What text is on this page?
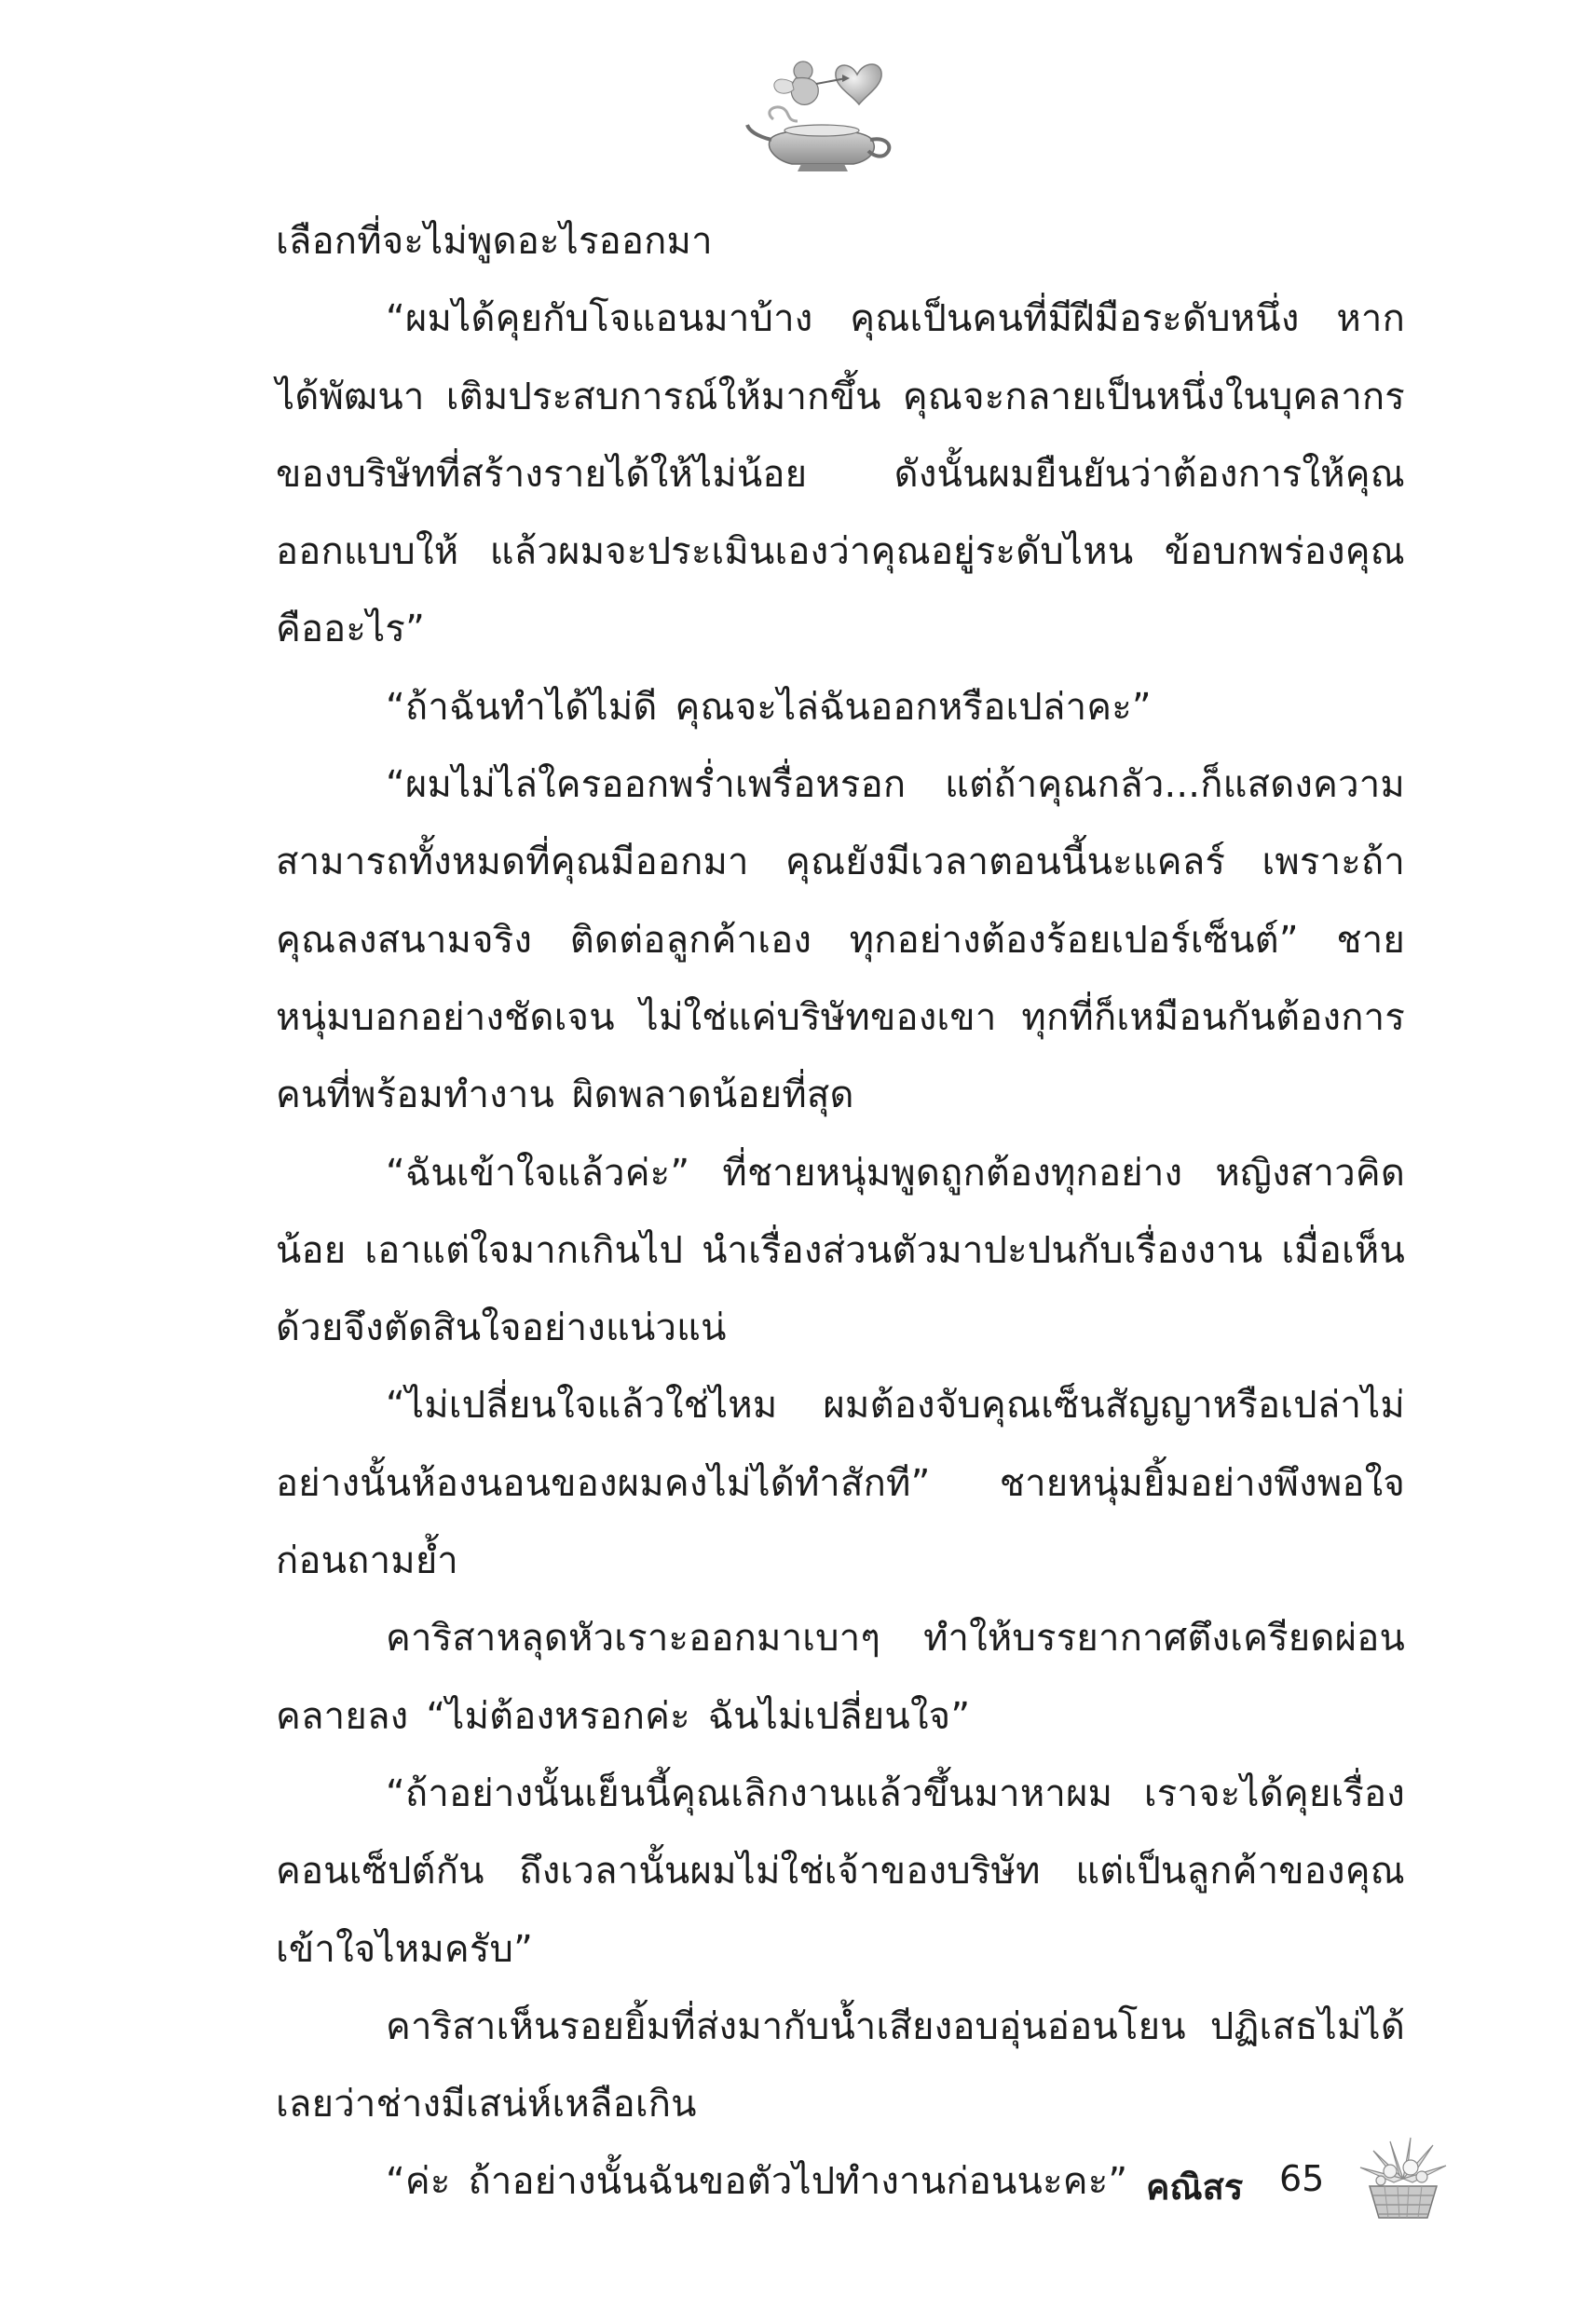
เลือกที่จะไม่พูดอะไรออกมา

“ผมได้คุยกับโจแอนมาบ้าง คุณเป็นคนที่มีฝีมือระดับหนึ่ง หากได้พัฒนา เติมประสบการณ์ให้มากขึ้น คุณจะกลายเป็นหนึ่งในบุคลากรของบริษัทที่สร้างรายได้ให้ไม่น้อย ดังนั้นผมยืนยันว่าต้องการให้คุณออกแบบให้ แล้วผมจะประเมินเองว่าคุณอยู่ระดับไหน ข้อบกพร่องคุณคืออะไร”

“ถ้าฉันทำได้ไม่ดี คุณจะไล่ฉันออกหรือเปล่าคะ”

“ผมไม่ไล่ใครออกพร่ำเพรื่อหรอก แต่ถ้าคุณกลัว...ก็แสดงความสามารถทั้งหมดที่คุณมีออกมา คุณยังมีเวลาตอนนี้นะแคลร์ เพราะถ้าคุณลงสนามจริง ติดต่อลูกค้าเอง ทุกอย่างต้องร้อยเปอร์เซ็นต์” ชายหนุ่มบอกอย่างชัดเจน ไม่ใช่แค่บริษัทของเขา ทุกที่ก็เหมือนกันต้องการคนที่พร้อมทำงาน ผิดพลาดน้อยที่สุด

“ฉันเข้าใจแล้วค่ะ” ที่ชายหนุ่มพูดถูกต้องทุกอย่าง หญิงสาวคิดน้อย เอาแต่ใจมากเกินไป นำเรื่องส่วนตัวมาปะปนกับเรื่องงาน เมื่อเห็นด้วยจึงตัดสินใจอย่างแน่วแน่

“ไม่เปลี่ยนใจแล้วใช่ไหม ผมต้องจับคุณเซ็นสัญญาหรือเปล่าไม่อย่างนั้นห้องนอนของผมคงไม่ได้ทำสักที” ชายหนุ่มยิ้มอย่างพึงพอใจก่อนถามย้ำ

คาริสาหลุดหัวเราะออกมาเบาๆ ทำให้บรรยากาศตึงเครียดผ่อนคลายลง “ไม่ต้องหรอกค่ะ ฉันไม่เปลี่ยนใจ”

“ถ้าอย่างนั้นเย็นนี้คุณเลิกงานแล้วขึ้นมาหาผม เราจะได้คุยเรื่องคอนเซ็ปต์กัน ถึงเวลานั้นผมไม่ใช่เจ้าของบริษัท แต่เป็นลูกค้าของคุณเข้าใจไหมครับ”

คาริสาเห็นรอยยิ้มที่ส่งมากับน้ำเสียงอบอุ่นอ่อนโยน ปฏิเสธไม่ได้เลยว่าช่างมีเสน่ห์เหลือเกิน

“ค่ะ ถ้าอย่างนั้นฉันขอตัวไปทำงานก่อนนะคะ” คณิสร 65
